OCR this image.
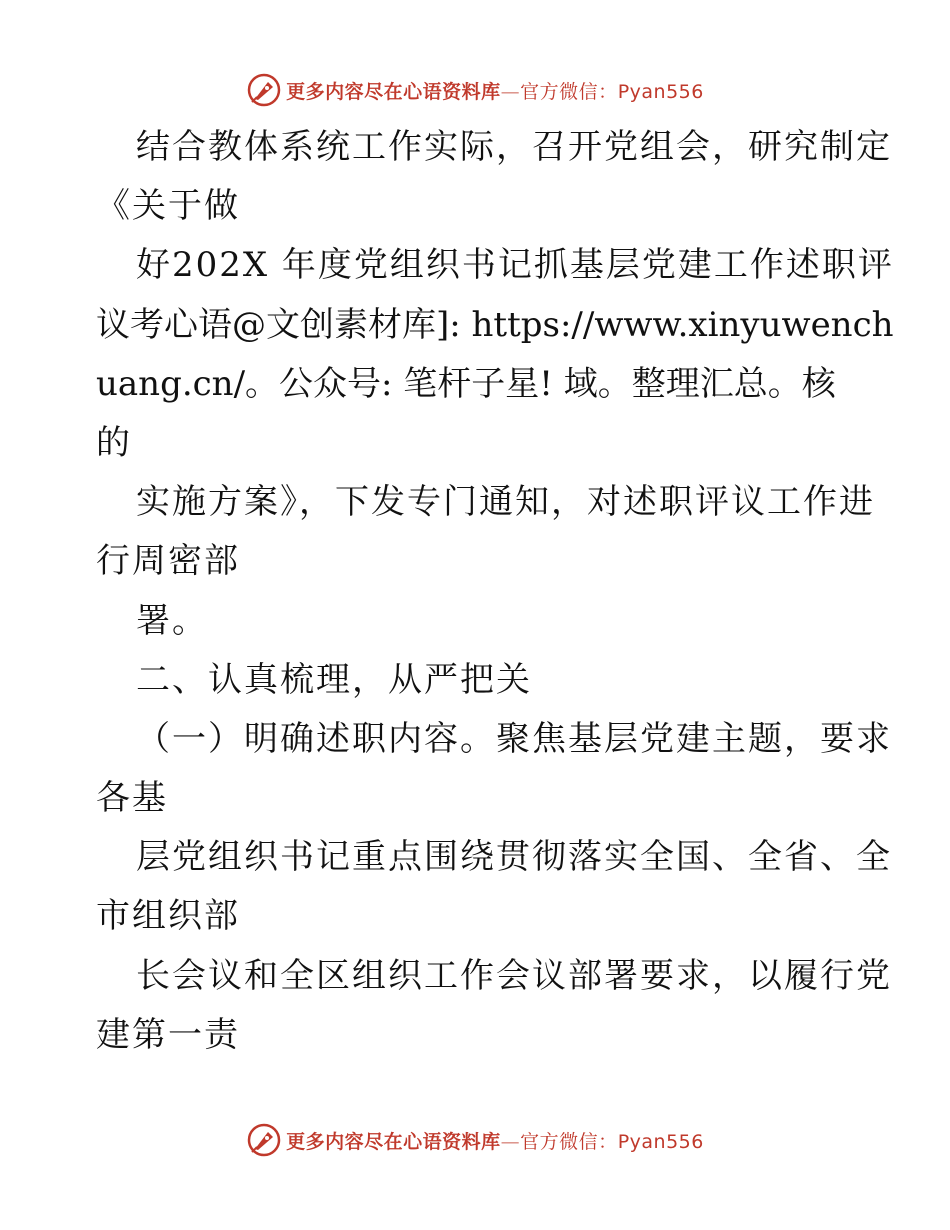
更多内容尽在心语资料库—官方微信：Pyan556
结合教体系统工作实际，召开党组会，研究制定
《关于做
好202X 年度党组织书记抓基层党建工作述职评
议考心语@文创素材库]: https://www.xinyuwench
uang.cn/。公众号: 笔杆子星! 域。整理汇总。核
的
实施方案》，下发专门通知，对述职评议工作进
行周密部
署。
二、认真梳理，从严把关
（一）明确述职内容。聚焦基层党建主题，要求
各基
层党组织书记重点围绕贯彻落实全国、全省、全
市组织部
长会议和全区组织工作会议部署要求，以履行党
建第一责
更多内容尽在心语资料库—官方微信：Pyan556
